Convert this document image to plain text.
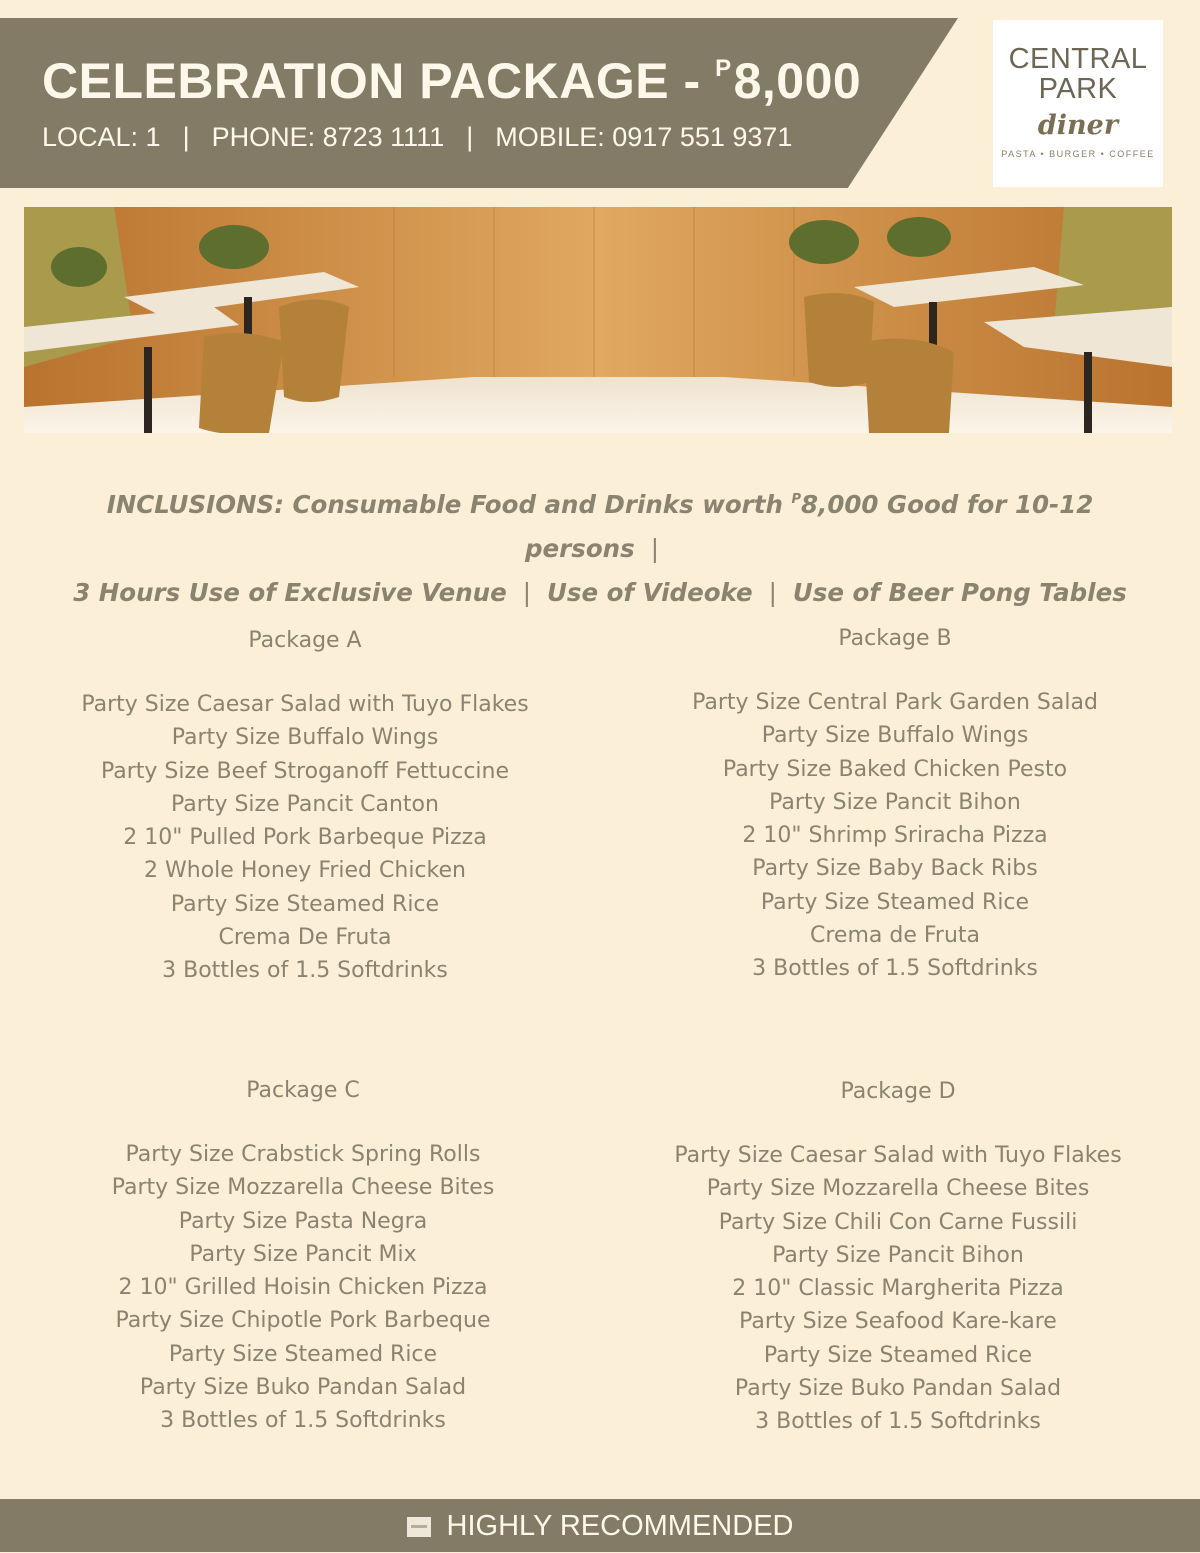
CELEBRATION PACKAGE - $^P$8,000
LOCAL: 1 | PHONE: 8723 1111 | MOBILE: 0917 551 9371
CENTRAL
PARK
diner
PASTA • BURGER • COFFEE
INCLUSIONS: Consumable Food and Drinks worth $^P$8,000 Good for 10-12 persons |
3 Hours Use of Exclusive Venue | Use of Videoke | Use of Beer Pong Tables
Package A
Party Size Caesar Salad with Tuyo Flakes
Party Size Buffalo Wings
Party Size Beef Stroganoff Fettuccine
Party Size Pancit Canton
2 10" Pulled Pork Barbeque Pizza
2 Whole Honey Fried Chicken
Party Size Steamed Rice
Crema De Fruta
3 Bottles of 1.5 Softdrinks
Package B
Party Size Central Park Garden Salad
Party Size Buffalo Wings
Party Size Baked Chicken Pesto
Party Size Pancit Bihon
2 10" Shrimp Sriracha Pizza
Party Size Baby Back Ribs
Party Size Steamed Rice
Crema de Fruta
3 Bottles of 1.5 Softdrinks
Package C
Party Size Crabstick Spring Rolls
Party Size Mozzarella Cheese Bites
Party Size Pasta Negra
Party Size Pancit Mix
2 10" Grilled Hoisin Chicken Pizza
Party Size Chipotle Pork Barbeque
Party Size Steamed Rice
Party Size Buko Pandan Salad
3 Bottles of 1.5 Softdrinks
Package D
Party Size Caesar Salad with Tuyo Flakes
Party Size Mozzarella Cheese Bites
Party Size Chili Con Carne Fussili
Party Size Pancit Bihon
2 10" Classic Margherita Pizza
Party Size Seafood Kare-kare
Party Size Steamed Rice
Party Size Buko Pandan Salad
3 Bottles of 1.5 Softdrinks
HIGHLY RECOMMENDED
